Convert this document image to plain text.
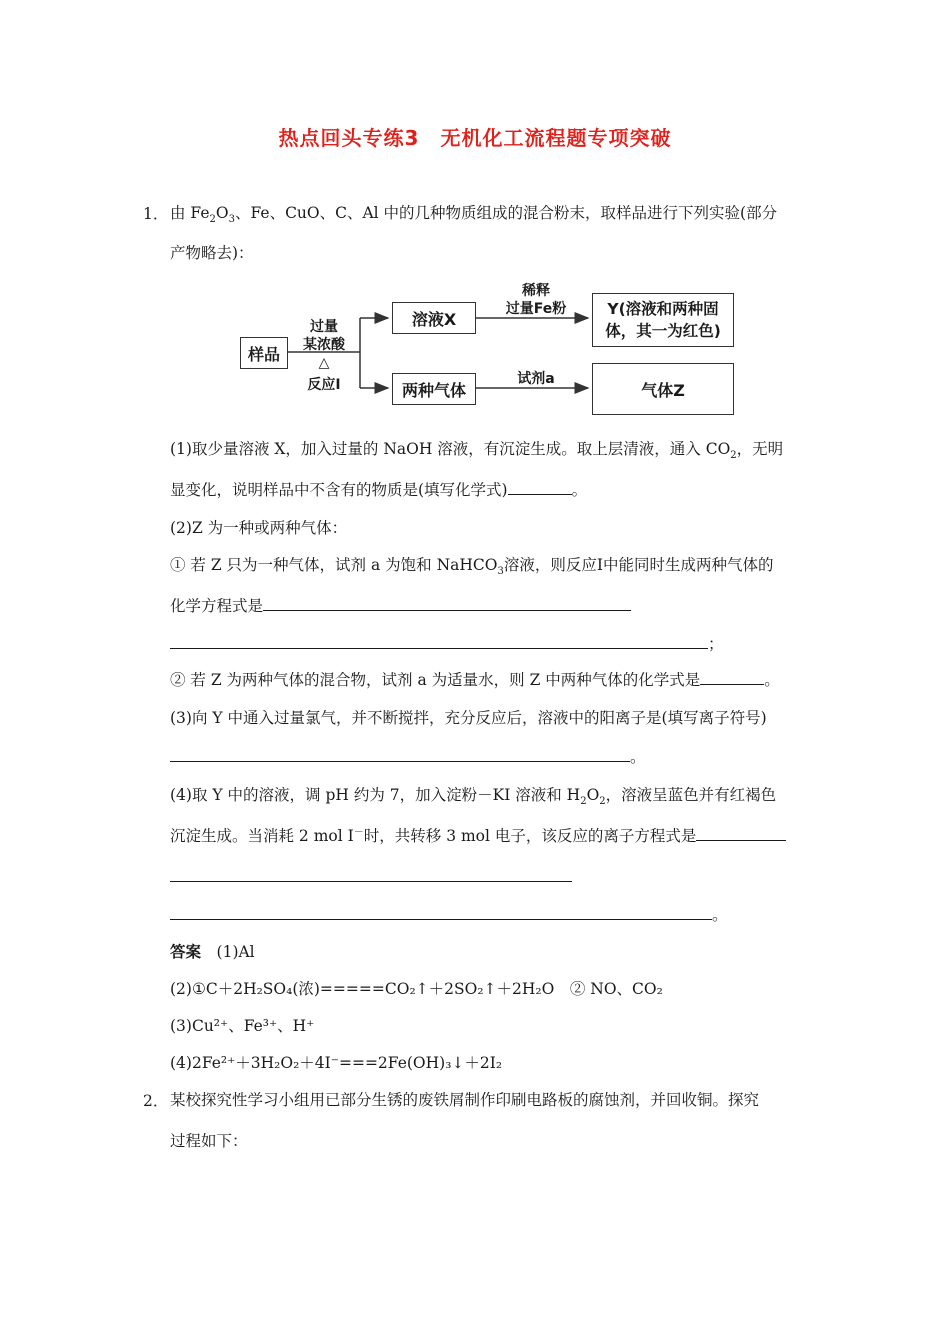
热点回头专练3　无机化工流程题专项突破
1． 由 $Fe_2O_3$、Fe、CuO、C、Al 中的几种物质组成的混合粉末，取样品进行下列实验(部分
产物略去)：
样品
过量
某浓酸
△
反应Ⅰ
溶液X
两种气体
稀释
过量Fe粉
试剂a
Y(溶液和两种固
体，其一为红色)
气体Z
(1)取少量溶液 X，加入过量的 NaOH 溶液，有沉淀生成。取上层清液，通入 $CO_2$，无明
显变化，说明样品中不含有的物质是(填写化学式)	。
(2)Z 为一种或两种气体：
① 若 Z 只为一种气体，试剂 a 为饱和 NaHCO$_3$溶液，则反应Ⅰ中能同时生成两种气体的
化学方程式是
；
② 若 Z 为两种气体的混合物，试剂 a 为适量水，则 Z 中两种气体的化学式是	。
(3)向 Y 中通入过量氯气，并不断搅拌，充分反应后，溶液中的阳离子是(填写离子符号)
。
(4)取 Y 中的溶液，调 pH 约为 7，加入淀粉－KI 溶液和 $H_2O_2$，溶液呈蓝色并有红褐色
沉淀生成。当消耗 2 mol I－时，共转移 3 mol 电子，该反应的离子方程式是
。
答案　 (1)Al
(2)①C＋2H₂SO₄(浓)=====CO₂↑＋2SO₂↑＋2H₂O　② NO、CO₂
(3)Cu²⁺、Fe³⁺、H⁺
(4)2Fe²⁺＋3H₂O₂＋4I⁻===2Fe(OH)₃↓＋2I₂
2． 某校探究性学习小组用已部分生锈的废铁屑制作印刷电路板的腐蚀剂，并回收铜。探究
过程如下：
